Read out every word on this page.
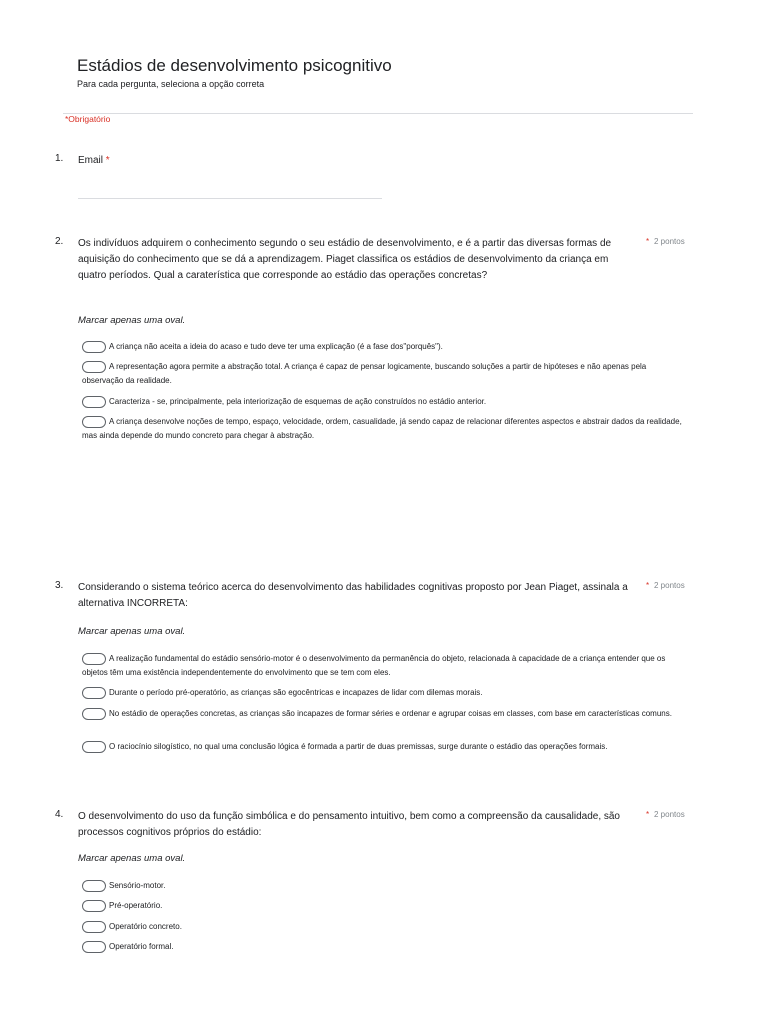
Estádios de desenvolvimento psicognitivo
Para cada pergunta, seleciona a opção correta
*Obrigatório
1. Email *
2. Os indivíduos adquirem o conhecimento segundo o seu estádio de desenvolvimento, e é a partir das diversas formas de aquisição do conhecimento que se dá a aprendizagem. Piaget classifica os estádios de desenvolvimento da criança em quatro períodos. Qual a caraterística que corresponde ao estádio das operações concretas?
* 2 pontos
Marcar apenas uma oval.
A criança não aceita a ideia do acaso e tudo deve ter uma explicação (é a fase dos"porquês").
A representação agora permite a abstração total. A criança é capaz de pensar logicamente, buscando soluções a partir de hipóteses e não apenas pela observação da realidade.
Caracteriza - se, principalmente, pela interiorização de esquemas de ação construídos no estádio anterior.
A criança desenvolve noções de tempo, espaço, velocidade, ordem, casualidade, já sendo capaz de relacionar diferentes aspectos e abstrair dados da realidade, mas ainda depende do mundo concreto para chegar à abstração.
3. Considerando o sistema teórico acerca do desenvolvimento das habilidades cognitivas proposto por Jean Piaget, assinala a alternativa INCORRETA:
* 2 pontos
Marcar apenas uma oval.
A realização fundamental do estádio sensório-motor é o desenvolvimento da permanência do objeto, relacionada à capacidade de a criança entender que os objetos têm uma existência independentemente do envolvimento que se tem com eles.
Durante o período pré-operatório, as crianças são egocêntricas e incapazes de lidar com dilemas morais.
No estádio de operações concretas, as crianças são incapazes de formar séries e ordenar e agrupar coisas em classes, com base em características comuns.
O raciocínio silogístico, no qual uma conclusão lógica é formada a partir de duas premissas, surge durante o estádio das operações formais.
4. O desenvolvimento do uso da função simbólica e do pensamento intuitivo, bem como a compreensão da causalidade, são processos cognitivos próprios do estádio:
* 2 pontos
Marcar apenas uma oval.
Sensório-motor.
Pré-operatório.
Operatório concreto.
Operatório formal.
